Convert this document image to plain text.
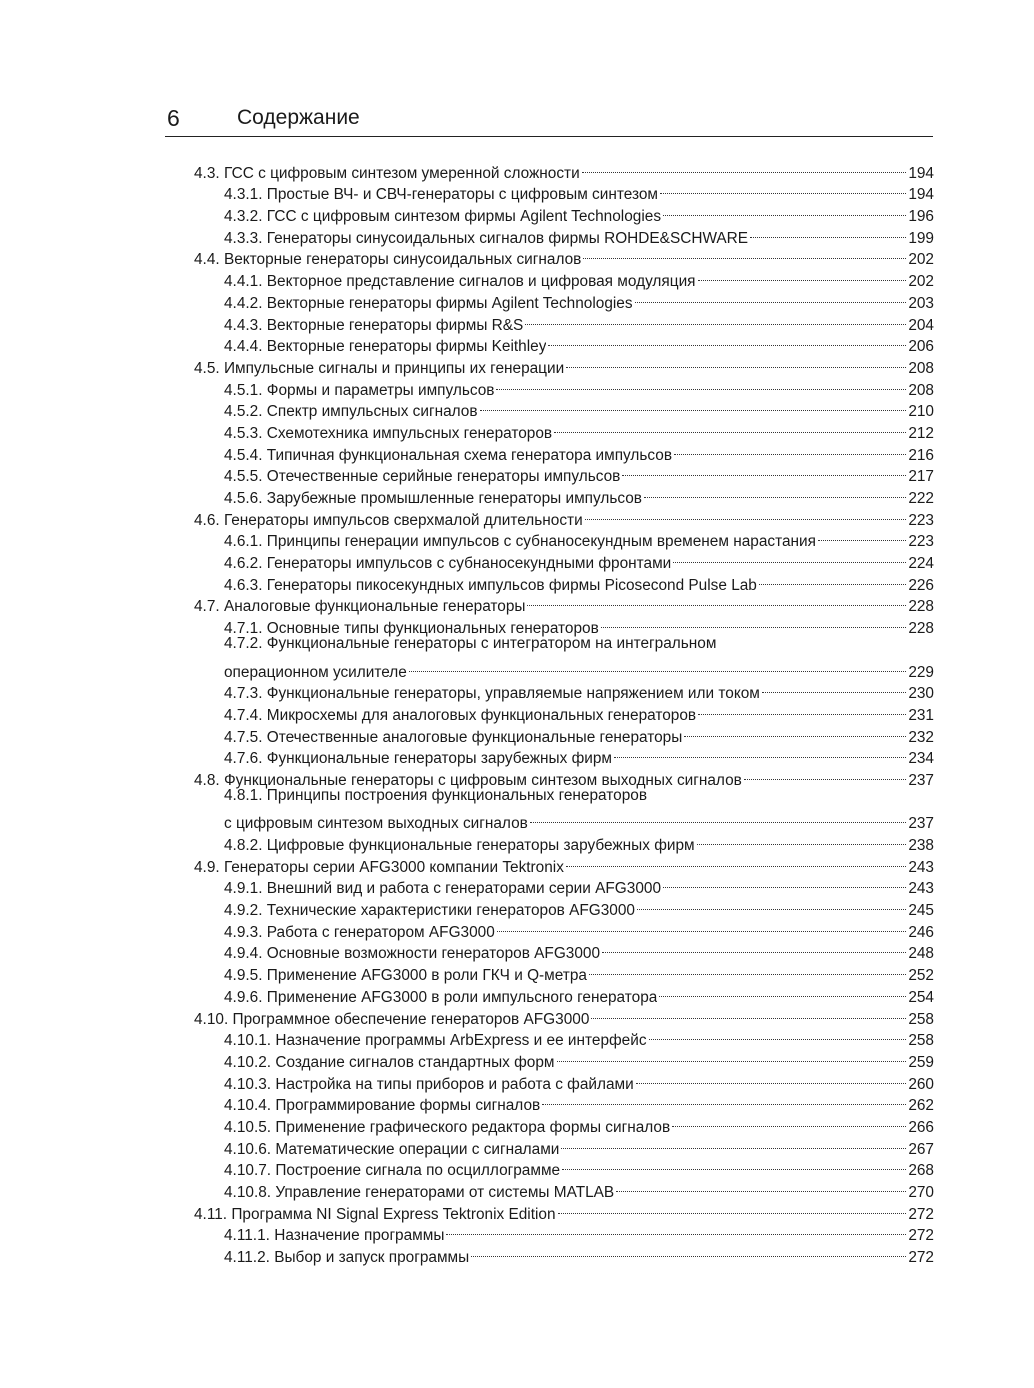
6	Содержание
4.3. ГСС с цифровым синтезом умеренной сложности	194
4.3.1. Простые ВЧ- и СВЧ-генераторы с цифровым синтезом	194
4.3.2. ГСС с цифровым синтезом фирмы Agilent Technologies	196
4.3.3. Генераторы синусоидальных сигналов фирмы ROHDE&SCHWARE	199
4.4. Векторные генераторы синусоидальных сигналов	202
4.4.1. Векторное представление сигналов и цифровая модуляция	202
4.4.2. Векторные генераторы фирмы Agilent Technologies	203
4.4.3. Векторные генераторы фирмы R&S	204
4.4.4. Векторные генераторы фирмы Keithley	206
4.5. Импульсные сигналы и принципы их генерации	208
4.5.1. Формы и параметры импульсов	208
4.5.2. Спектр импульсных сигналов	210
4.5.3. Схемотехника импульсных генераторов	212
4.5.4. Типичная функциональная схема генератора импульсов	216
4.5.5. Отечественные серийные генераторы импульсов	217
4.5.6. Зарубежные промышленные генераторы импульсов	222
4.6. Генераторы импульсов сверхмалой длительности	223
4.6.1. Принципы генерации импульсов с субнаносекундным временем нарастания	223
4.6.2. Генераторы импульсов с субнаносекундными фронтами	224
4.6.3. Генераторы пикосекундных импульсов фирмы Picosecond Pulse Lab	226
4.7. Аналоговые функциональные генераторы	228
4.7.1. Основные типы функциональных генераторов	228
4.7.2. Функциональные генераторы с интегратором на интегральном
операционном усилителе	229
4.7.3. Функциональные генераторы, управляемые напряжением или током	230
4.7.4. Микросхемы для аналоговых функциональных генераторов	231
4.7.5. Отечественные аналоговые функциональные генераторы	232
4.7.6. Функциональные генераторы зарубежных фирм	234
4.8. Функциональные генераторы с цифровым синтезом выходных сигналов	237
4.8.1. Принципы построения функциональных генераторов
с цифровым синтезом выходных сигналов	237
4.8.2. Цифровые функциональные генераторы зарубежных фирм	238
4.9. Генераторы серии AFG3000 компании Tektronix	243
4.9.1. Внешний вид и работа с генераторами серии AFG3000	243
4.9.2. Технические характеристики генераторов AFG3000	245
4.9.3. Работа с генератором AFG3000	246
4.9.4. Основные возможности генераторов AFG3000	248
4.9.5. Применение AFG3000 в роли ГКЧ и Q-метра	252
4.9.6. Применение AFG3000 в роли импульсного генератора	254
4.10. Программное обеспечение генераторов AFG3000	258
4.10.1. Назначение программы ArbExpress и ее интерфейс	258
4.10.2. Создание сигналов стандартных форм	259
4.10.3. Настройка на типы приборов и работа с файлами	260
4.10.4. Программирование формы сигналов	262
4.10.5. Применение графического редактора формы сигналов	266
4.10.6. Математические операции с сигналами	267
4.10.7. Построение сигнала по осциллограмме	268
4.10.8. Управление генераторами от системы MATLAB	270
4.11. Программа NI Signal Express Tektronix Edition	272
4.11.1. Назначение программы	272
4.11.2. Выбор и запуск программы	272
